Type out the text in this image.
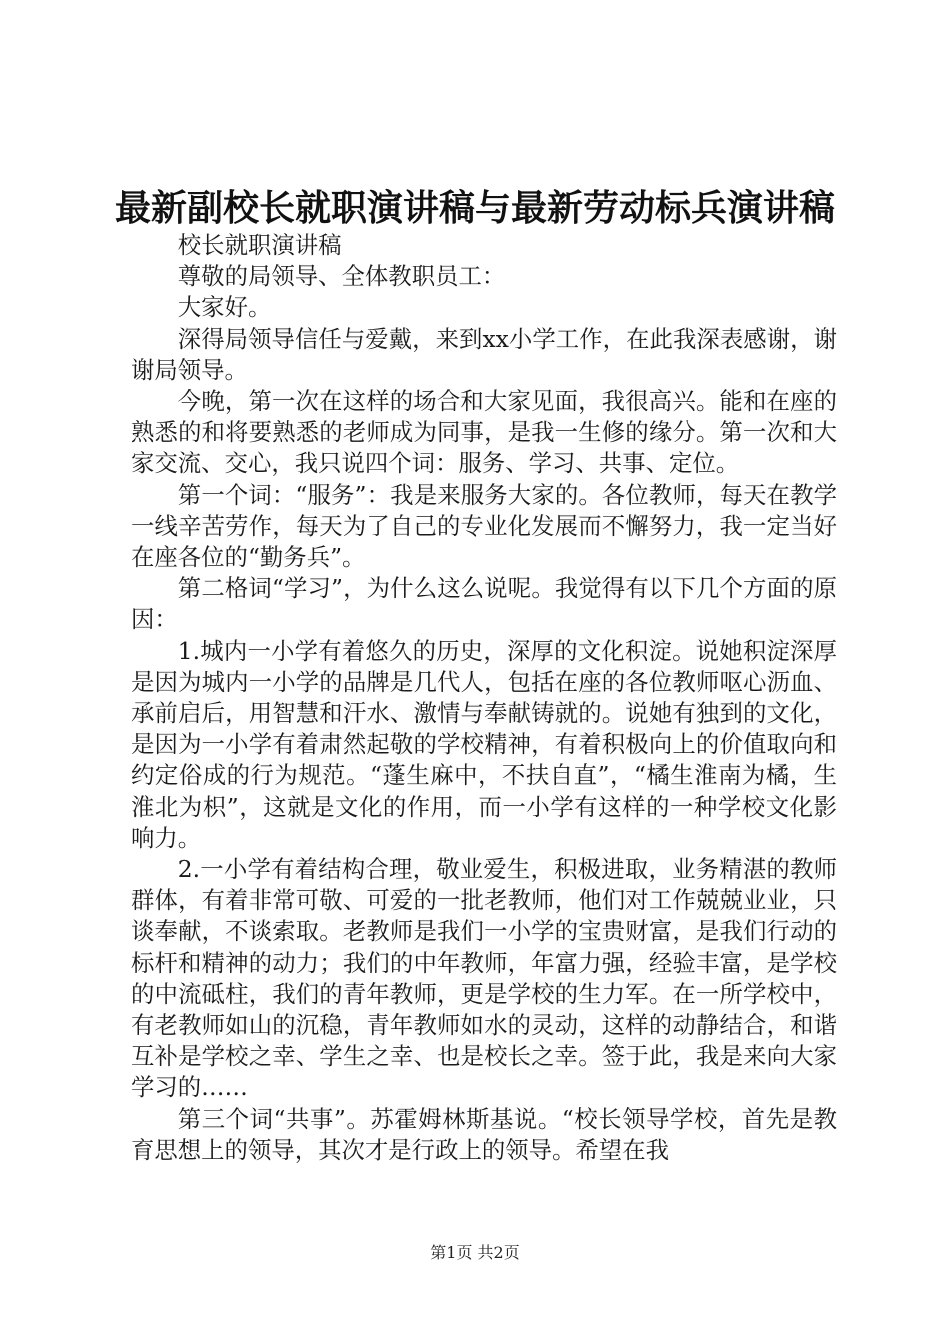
最新副校长就职演讲稿与最新劳动标兵演讲稿

校长就职演讲稿

尊敬的局领导、全体教职员工：

大家好。

深得局领导信任与爱戴，来到xx小学工作，在此我深表感谢，谢谢局领导。

今晚，第一次在这样的场合和大家见面，我很高兴。能和在座的熟悉的和将要熟悉的老师成为同事，是我一生修的缘分。第一次和大家交流、交心，我只说四个词：服务、学习、共事、定位。

第一个词：“服务”：我是来服务大家的。各位教师，每天在教学一线辛苦劳作，每天为了自己的专业化发展而不懈努力，我一定当好在座各位的“勤务兵”。

第二格词“学习”，为什么这么说呢。我觉得有以下几个方面的原因：

1.城内一小学有着悠久的历史，深厚的文化积淀。说她积淀深厚是因为城内一小学的品牌是几代人，包括在座的各位教师呕心沥血、承前启后，用智慧和汗水、激情与奉献铸就的。说她有独到的文化，是因为一小学有着肃然起敬的学校精神，有着积极向上的价值取向和约定俗成的行为规范。“蓬生麻中，不扶自直”，“橘生淮南为橘，生淮北为枳”，这就是文化的作用，而一小学有这样的一种学校文化影响力。

2.一小学有着结构合理，敬业爱生，积极进取，业务精湛的教师群体，有着非常可敬、可爱的一批老教师，他们对工作兢兢业业，只谈奉献，不谈索取。老教师是我们一小学的宝贵财富，是我们行动的标杆和精神的动力；我们的中年教师，年富力强，经验丰富，是学校的中流砥柱，我们的青年教师，更是学校的生力军。在一所学校中，有老教师如山的沉稳，青年教师如水的灵动，这样的动静结合，和谐互补是学校之幸、学生之幸、也是校长之幸。签于此，我是来向大家学习的……

第三个词“共事”。苏霍姆林斯基说。“校长领导学校，首先是教育思想上的领导，其次才是行政上的领导。希望在我

第1页 共2页
